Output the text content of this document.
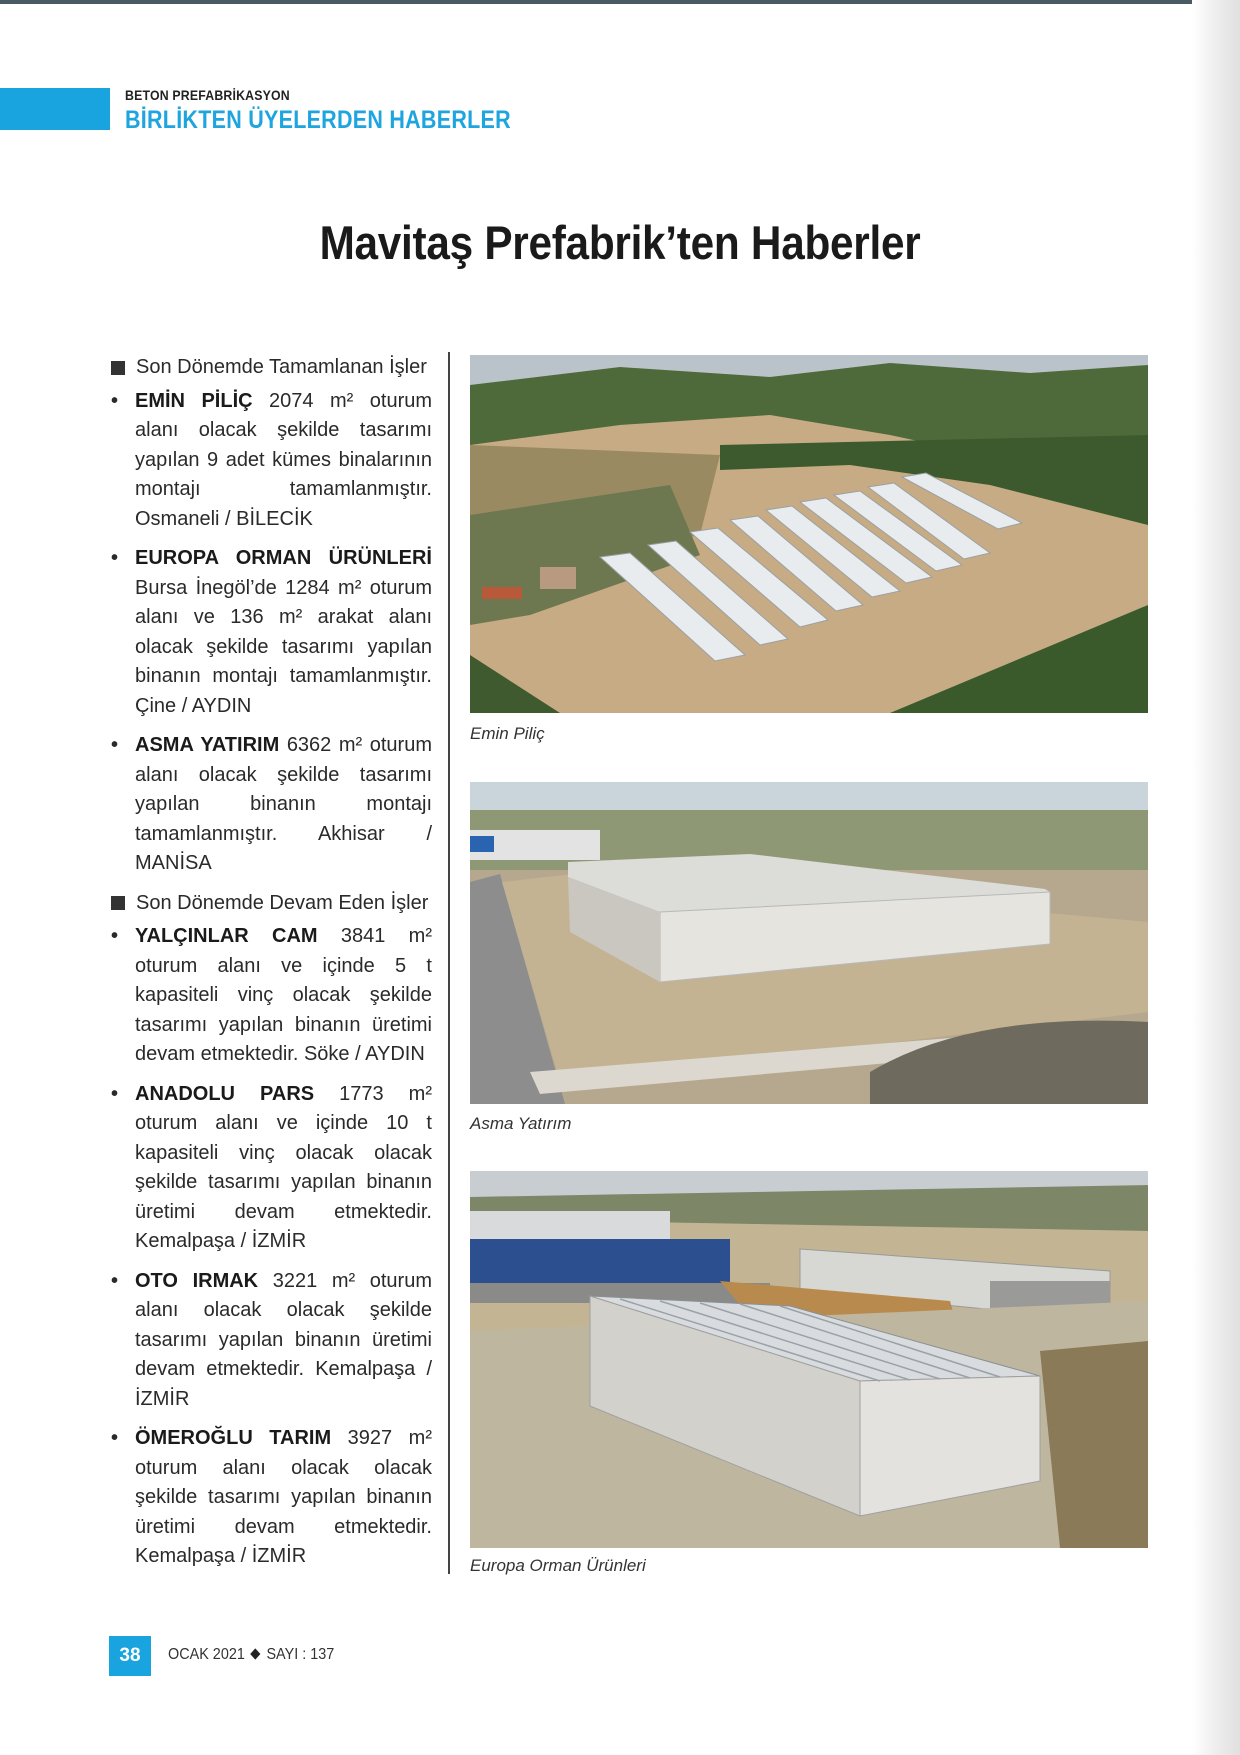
BETON PREFABRİKASYON
BİRLİKTEN ÜYELERDEN HABERLER
Mavitaş Prefabrik’ten Haberler
Son Dönemde Tamamlanan İşler
• EMİN PİLİÇ 2074 m² oturum alanı olacak şekilde tasarımı yapılan 9 adet kümes binalarının montajı tamamlanmıştır. Osmaneli / BİLECİK
• EUROPA ORMAN ÜRÜNLERİ Bursa İnegöl’de 1284 m² oturum alanı ve 136 m² arakat alanı olacak şekilde tasarımı yapılan binanın montajı tamamlanmıştır. Çine / AYDIN
• ASMA YATIRIM 6362 m² oturum alanı olacak şekilde tasarımı yapılan binanın montajı tamamlanmıştır. Akhisar / MANİSA
Son Dönemde Devam Eden İşler
• YALÇINLAR CAM 3841 m² oturum alanı ve içinde 5 t kapasiteli vinç olacak şekilde tasarımı yapılan binanın üretimi devam etmektedir. Söke / AYDIN
• ANADOLU PARS 1773 m² oturum alanı ve içinde 10 t kapasiteli vinç olacak olacak şekilde tasarımı yapılan binanın üretimi devam etmektedir. Kemalpaşa / İZMİR
• OTO IRMAK 3221 m² oturum alanı olacak olacak şekilde tasarımı yapılan binanın üretimi devam etmektedir. Kemalpaşa / İZMİR
• ÖMEROĞLU TARIM 3927 m² oturum alanı olacak olacak şekilde tasarımı yapılan binanın üretimi devam etmektedir. Kemalpaşa / İZMİR
Emin Piliç
Asma Yatırım
Europa Orman Ürünleri
38	OCAK 2021 SAYI : 137
